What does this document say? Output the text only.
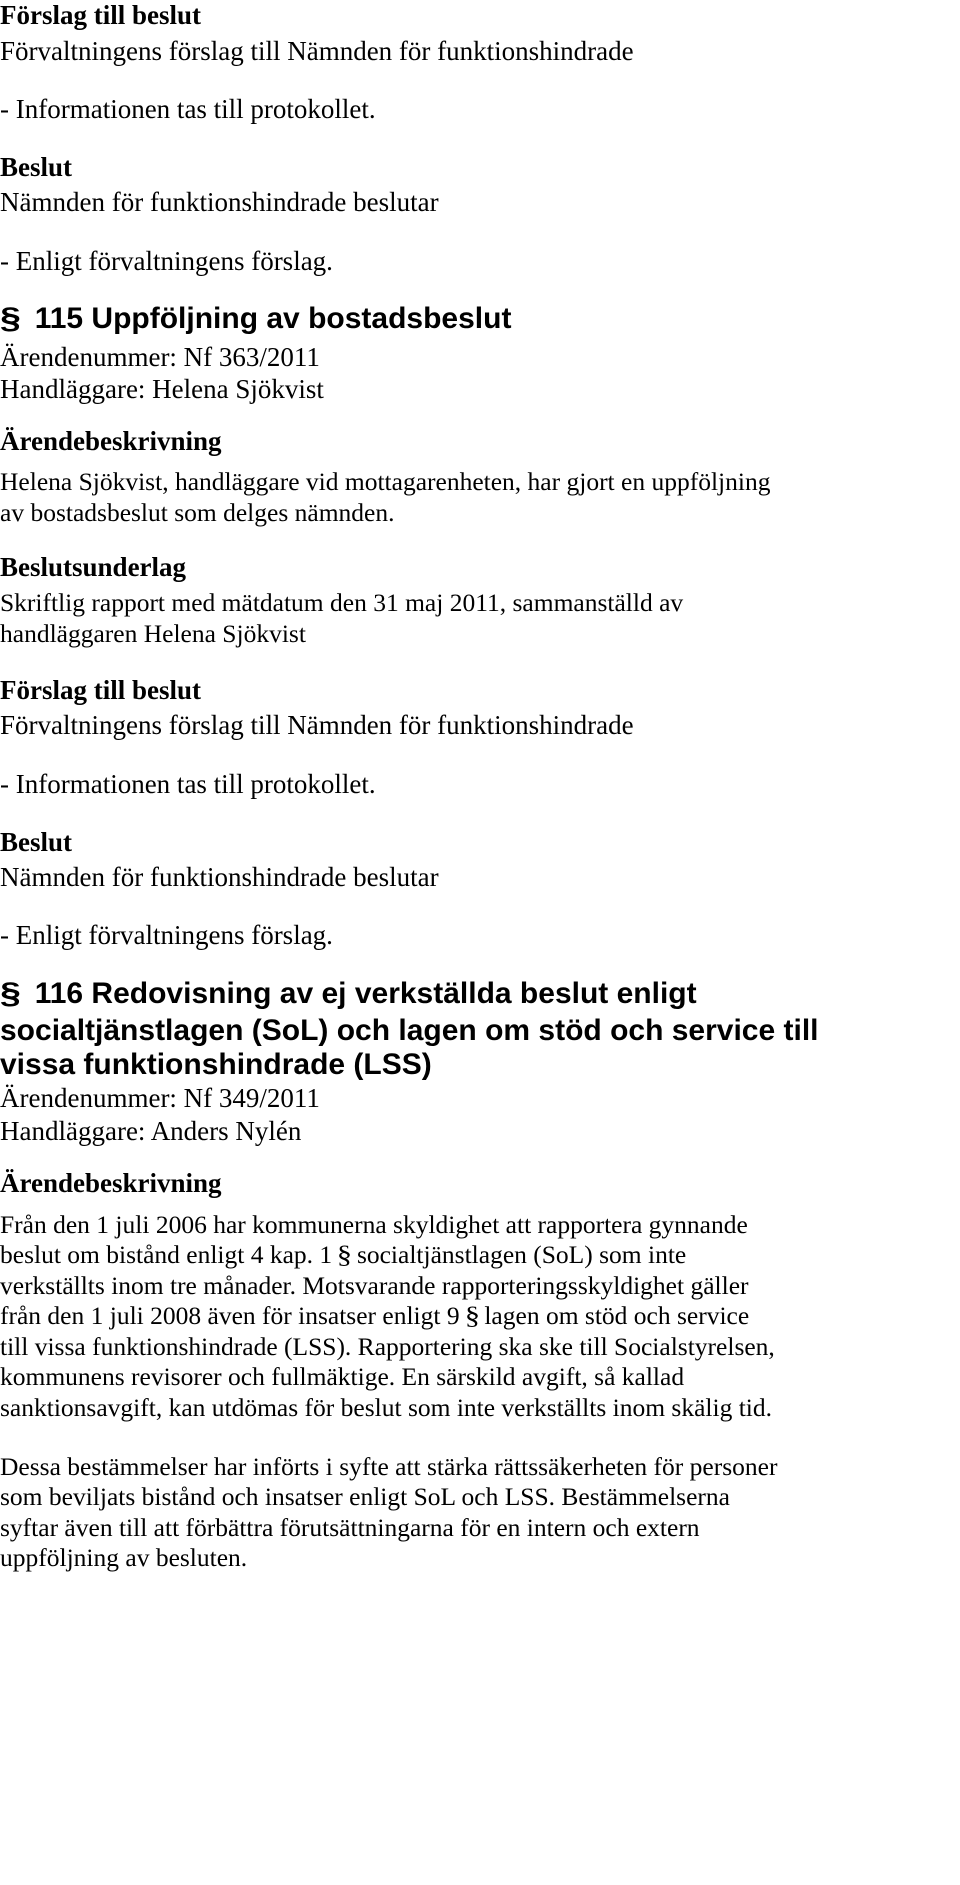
Förslag till beslut
Förvaltningens förslag till Nämnden för funktionshindrade
- Informationen tas till protokollet.
Beslut
Nämnden för funktionshindrade beslutar
- Enligt förvaltningens förslag.
§ 115 Uppföljning av bostadsbeslut
Ärendenummer: Nf 363/2011
Handläggare: Helena Sjökvist
Ärendebeskrivning
Helena Sjökvist, handläggare vid mottagarenheten, har gjort en uppföljning
av bostadsbeslut som delges nämnden.
Beslutsunderlag
Skriftlig rapport med mätdatum den 31 maj 2011, sammanställd av
handläggaren Helena Sjökvist
Förslag till beslut
Förvaltningens förslag till Nämnden för funktionshindrade
- Informationen tas till protokollet.
Beslut
Nämnden för funktionshindrade beslutar
- Enligt förvaltningens förslag.
§ 116 Redovisning av ej verkställda beslut enligt
socialtjänstlagen (SoL) och lagen om stöd och service till
vissa funktionshindrade (LSS)
Ärendenummer: Nf 349/2011
Handläggare: Anders Nylén
Ärendebeskrivning
Från den 1 juli 2006 har kommunerna skyldighet att rapportera gynnande
beslut om bistånd enligt 4 kap. 1 § socialtjänstlagen (SoL) som inte
verkställts inom tre månader. Motsvarande rapporteringsskyldighet gäller
från den 1 juli 2008 även för insatser enligt 9 § lagen om stöd och service
till vissa funktionshindrade (LSS). Rapportering ska ske till Socialstyrelsen,
kommunens revisorer och fullmäktige. En särskild avgift, så kallad
sanktionsavgift, kan utdömas för beslut som inte verkställts inom skälig tid.
Dessa bestämmelser har införts i syfte att stärka rättssäkerheten för personer
som beviljats bistånd och insatser enligt SoL och LSS. Bestämmelserna
syftar även till att förbättra förutsättningarna för en intern och extern
uppföljning av besluten.
